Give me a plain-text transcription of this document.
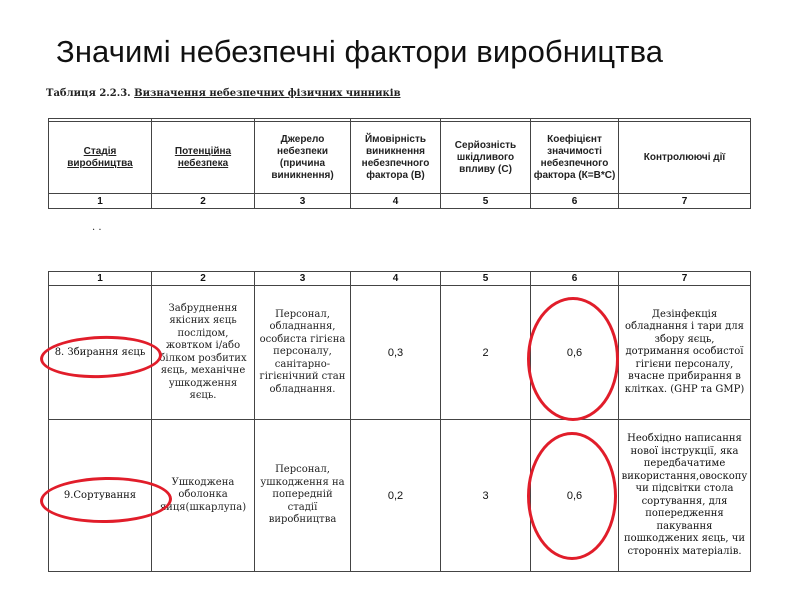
Значимі небезпечні фактори виробництва
Таблиця 2.2.3. Визначення небезпечних фізичних чинників

Стадія виробництва	Потенційна небезпека	Джерело небезпеки (причина виникнення)	Ймовірність виникнення небезпечного фактора (В)	Серйозність шкідливого впливу (С)	Коефіцієнт значимості небезпечного фактора (К=В*С)	Контролюючі дії
1	2	3	4	5	6	7
. .
1	2	3	4	5	6	7
8. Збирання яєць	Забруднення якісних яєць послідом, жовтком і/або білком розбитих яєць, механічне ушкодження яєць.	Персонал, обладнання, особиста гігієна персоналу, санітарно-гігієнічний стан обладнання.	0,3	2	0,6	Дезінфекція обладнання і тари для збору яєць, дотримання особистої гігієни персоналу, вчасне прибирання в клітках. (GHP та GMP)
9.Сортування	Ушкоджена оболонка яйця(шкарлупа)	Персонал, ушкодження на попередній стадії виробництва	0,2	3	0,6	Необхідно написання нової інструкції, яка передбачатиме використання,овоскопу чи підсвітки стола сортування, для попередження пакування пошкоджених яєць, чи сторонніх матеріалів.
